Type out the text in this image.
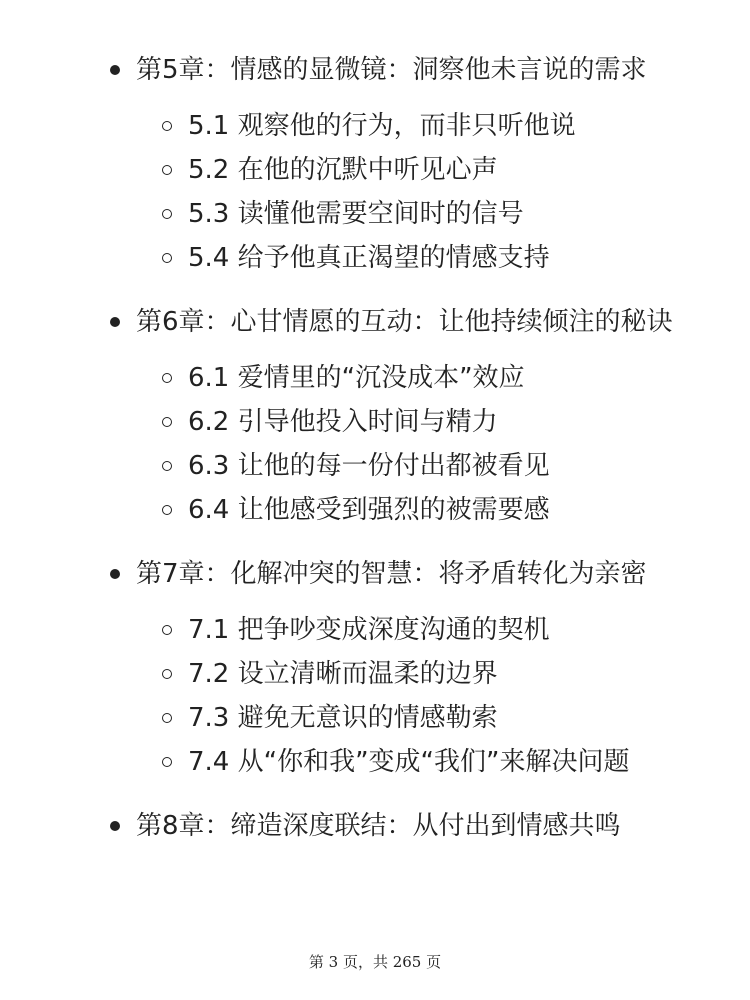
第5章：情感的显微镜：洞察他未言说的需求
5.1 观察他的行为，而非只听他说
5.2 在他的沉默中听见心声
5.3 读懂他需要空间时的信号
5.4 给予他真正渴望的情感支持
第6章：心甘情愿的互动：让他持续倾注的秘诀
6.1 爱情里的“沉没成本”效应
6.2 引导他投入时间与精力
6.3 让他的每一份付出都被看见
6.4 让他感受到强烈的被需要感
第7章：化解冲突的智慧：将矛盾转化为亲密
7.1 把争吵变成深度沟通的契机
7.2 设立清晰而温柔的边界
7.3 避免无意识的情感勒索
7.4 从“你和我”变成“我们”来解决问题
第8章：缔造深度联结：从付出到情感共鸣
第 3 页，共 265 页
